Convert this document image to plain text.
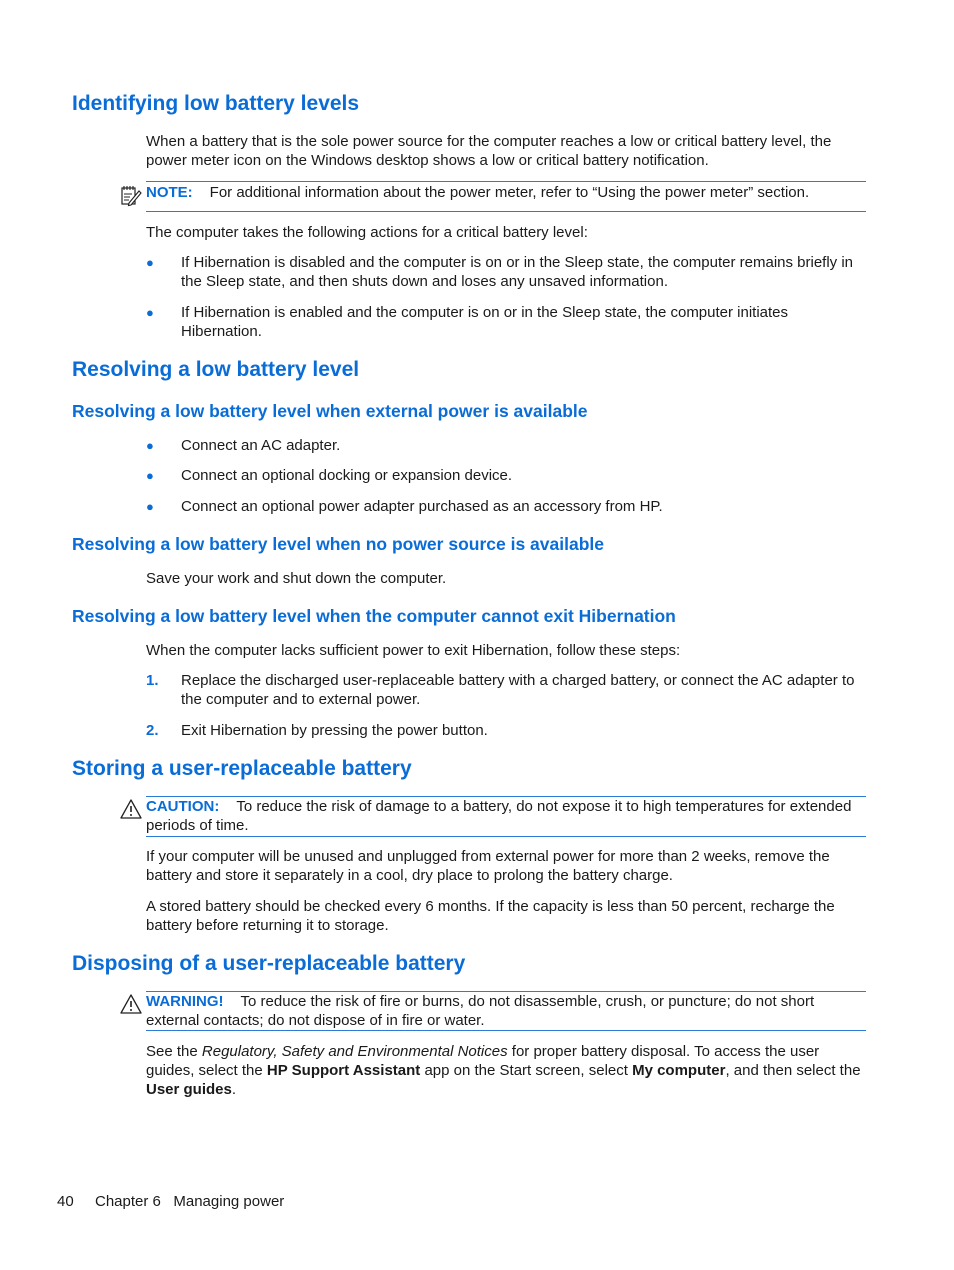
Identifying low battery levels
When a battery that is the sole power source for the computer reaches a low or critical battery level, the power meter icon on the Windows desktop shows a low or critical battery notification.
NOTE: For additional information about the power meter, refer to “Using the power meter” section.
The computer takes the following actions for a critical battery level:
● If Hibernation is disabled and the computer is on or in the Sleep state, the computer remains briefly in the Sleep state, and then shuts down and loses any unsaved information.
● If Hibernation is enabled and the computer is on or in the Sleep state, the computer initiates Hibernation.
Resolving a low battery level
Resolving a low battery level when external power is available
● Connect an AC adapter.
● Connect an optional docking or expansion device.
● Connect an optional power adapter purchased as an accessory from HP.
Resolving a low battery level when no power source is available
Save your work and shut down the computer.
Resolving a low battery level when the computer cannot exit Hibernation
When the computer lacks sufficient power to exit Hibernation, follow these steps:
1. Replace the discharged user-replaceable battery with a charged battery, or connect the AC adapter to the computer and to external power.
2. Exit Hibernation by pressing the power button.
Storing a user-replaceable battery
CAUTION: To reduce the risk of damage to a battery, do not expose it to high temperatures for extended periods of time.
If your computer will be unused and unplugged from external power for more than 2 weeks, remove the battery and store it separately in a cool, dry place to prolong the battery charge.
A stored battery should be checked every 6 months. If the capacity is less than 50 percent, recharge the battery before returning it to storage.
Disposing of a user-replaceable battery
WARNING! To reduce the risk of fire or burns, do not disassemble, crush, or puncture; do not short external contacts; do not dispose of in fire or water.
See the Regulatory, Safety and Environmental Notices for proper battery disposal. To access the user guides, select the HP Support Assistant app on the Start screen, select My computer, and then select the User guides.
40 Chapter 6   Managing power
